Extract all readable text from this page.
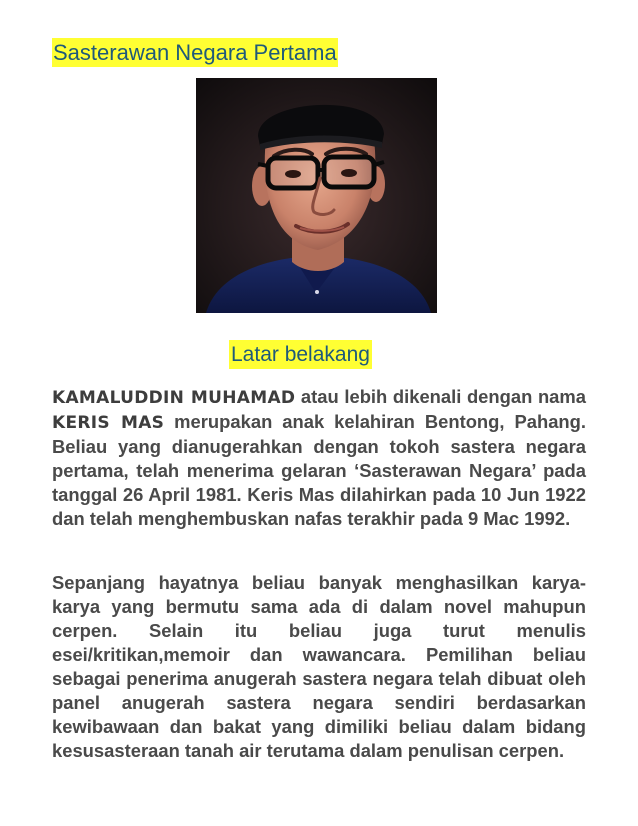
Sasterawan Negara Pertama
Latar belakang

KAMALUDDIN MUHAMAD atau lebih dikenali dengan nama KERIS MAS merupakan anak kelahiran Bentong, Pahang. Beliau yang dianugerahkan dengan tokoh sastera negara pertama, telah menerima gelaran ‘Sasterawan Negara’ pada tanggal 26 April 1981. Keris Mas dilahirkan pada 10 Jun 1922 dan telah menghembuskan nafas terakhir pada 9 Mac 1992.

Sepanjang hayatnya beliau banyak menghasilkan karya-karya yang bermutu sama ada di dalam novel mahupun cerpen. Selain itu beliau juga turut menulis esei/kritikan,memoir dan wawancara. Pemilihan beliau sebagai penerima anugerah sastera negara telah dibuat oleh panel anugerah sastera negara sendiri berdasarkan kewibawaan dan bakat yang dimiliki beliau dalam bidang kesusasteraan tanah air terutama dalam penulisan cerpen.
